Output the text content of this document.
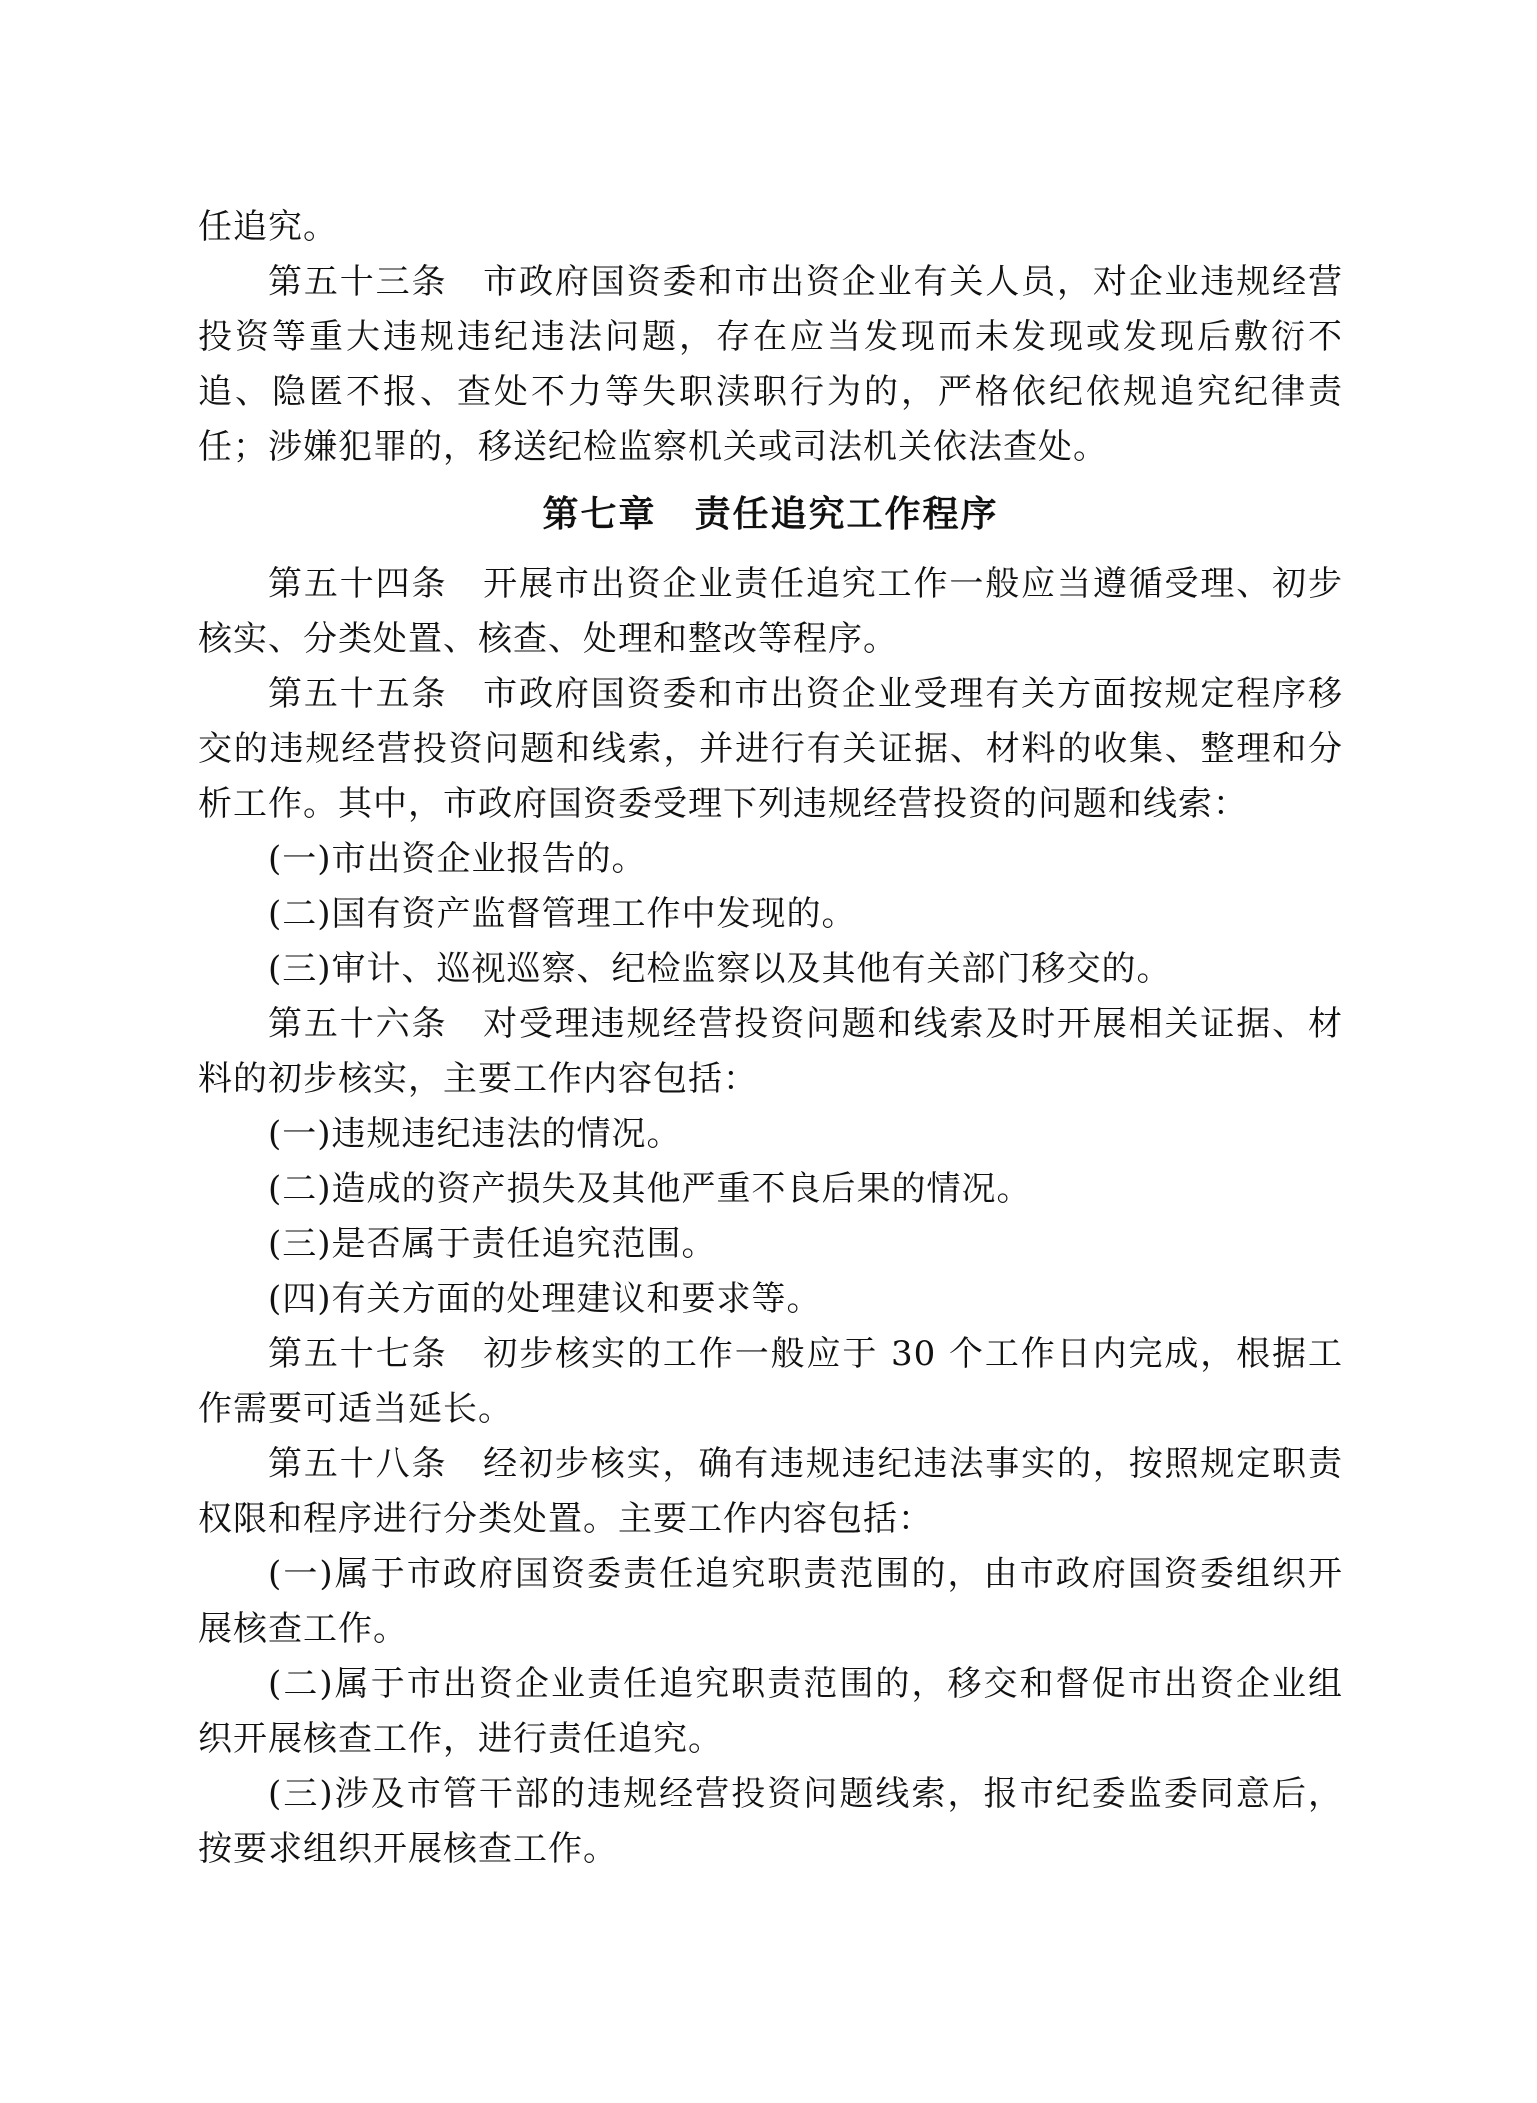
任追究。

第五十三条　市政府国资委和市出资企业有关人员，对企业违规经营投资等重大违规违纪违法问题，存在应当发现而未发现或发现后敷衍不追、隐匿不报、查处不力等失职渎职行为的，严格依纪依规追究纪律责任；涉嫌犯罪的，移送纪检监察机关或司法机关依法查处。

第七章　责任追究工作程序

第五十四条　开展市出资企业责任追究工作一般应当遵循受理、初步核实、分类处置、核查、处理和整改等程序。

第五十五条　市政府国资委和市出资企业受理有关方面按规定程序移交的违规经营投资问题和线索，并进行有关证据、材料的收集、整理和分析工作。其中，市政府国资委受理下列违规经营投资的问题和线索：

(一)市出资企业报告的。

(二)国有资产监督管理工作中发现的。

(三)审计、巡视巡察、纪检监察以及其他有关部门移交的。

第五十六条　对受理违规经营投资问题和线索及时开展相关证据、材料的初步核实，主要工作内容包括：

(一)违规违纪违法的情况。

(二)造成的资产损失及其他严重不良后果的情况。

(三)是否属于责任追究范围。

(四)有关方面的处理建议和要求等。

第五十七条　初步核实的工作一般应于 30 个工作日内完成，根据工作需要可适当延长。

第五十八条　经初步核实，确有违规违纪违法事实的，按照规定职责权限和程序进行分类处置。主要工作内容包括：

(一)属于市政府国资委责任追究职责范围的，由市政府国资委组织开展核查工作。

(二)属于市出资企业责任追究职责范围的，移交和督促市出资企业组织开展核查工作，进行责任追究。

(三)涉及市管干部的违规经营投资问题线索，报市纪委监委同意后，按要求组织开展核查工作。
